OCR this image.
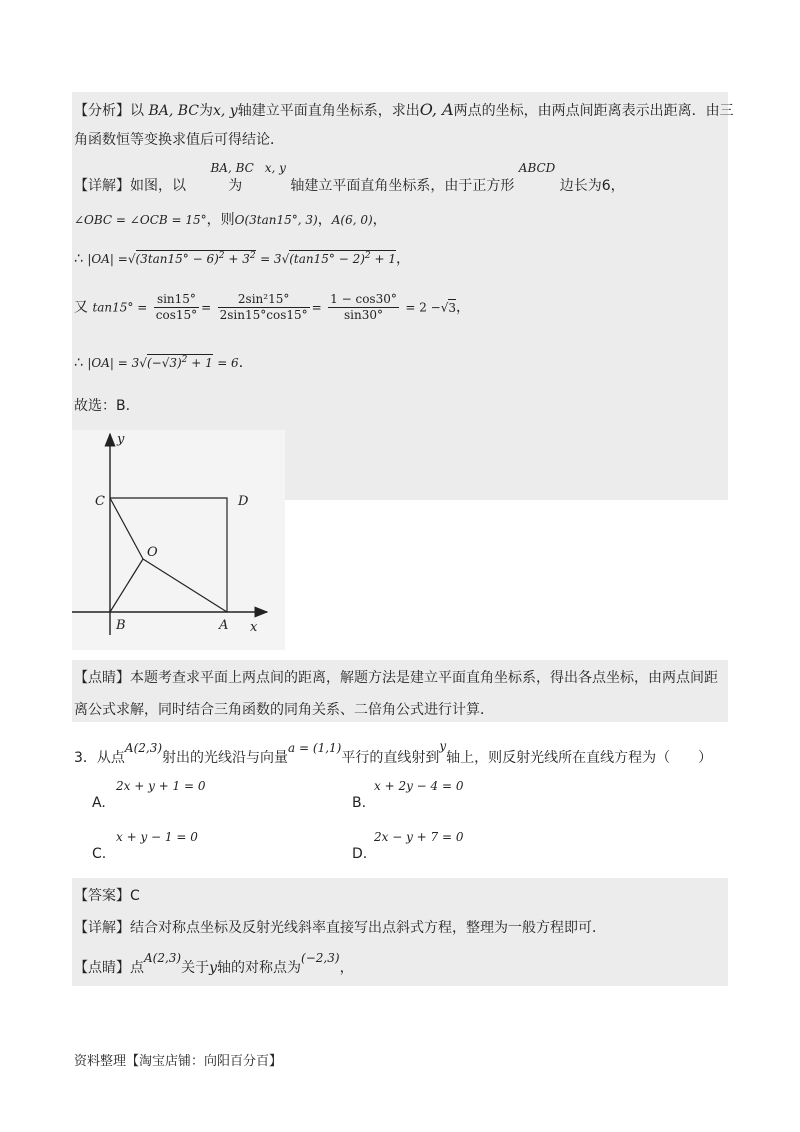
【分析】以 BA, BC为x, y轴建立平面直角坐标系，求出O, A两点的坐标，由两点间距离表示出距离．由三
角函数恒等变换求值后可得结论．
【详解】如图，以 BA, BC 为 x, y 轴建立平面直角坐标系，由于正方形 ABCD 边长为6，
∠OBC = ∠OCB = 15°，则O(3tan15°, 3)，A(6, 0)，
∴ $|OA| =√(3\tan 15^\circ - 6)^2 + 3^2 = 3√(\tan 15^\circ - 2)^2 + 1$，
又 $\tan 15^\circ = \frac{\sin 15^\circ}{\cos 15^\circ} = \frac{\text{2sin²15°}}{2\sin 15^\circ\cos 15^\circ} = \frac{1 - \cos 30^\circ}{\sin 30^\circ} = 2 -√3$，
∴ $|OA| = 3√(-√3)^2 + 1 = 6$．
故选：B.
y
C	D
O
B	A x
【点睛】本题考查求平面上两点间的距离，解题方法是建立平面直角坐标系，得出各点坐标，由两点间距
离公式求解，同时结合三角函数的同角关系、二倍角公式进行计算．
3．从点A(2,3)射出的光线沿与向量a = (1,1)平行的直线射到y轴上，则反射光线所在直线方程为（　　）
A.
2x + y + 1 = 0
B.
x + 2y − 4 = 0
C.
x + y − 1 = 0
D.
2x − y + 7 = 0
【答案】C
【详解】结合对称点坐标及反射光线斜率直接写出点斜式方程，整理为一般方程即可．
【点睛】点A(2,3)关于y轴的对称点为(−2,3)，
资料整理【淘宝店铺：向阳百分百】
